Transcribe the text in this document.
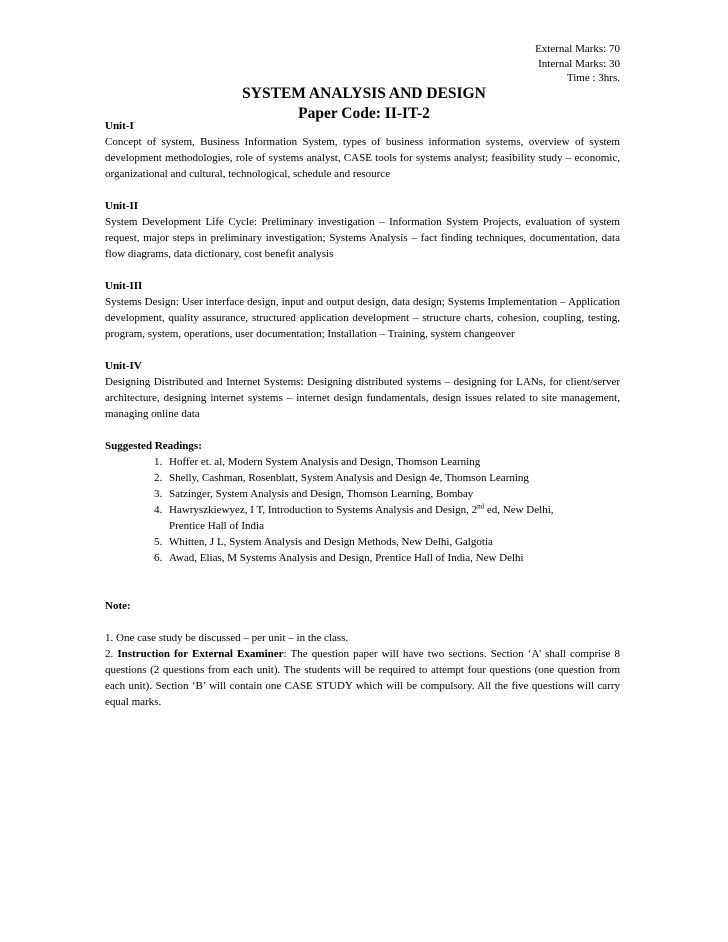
External Marks: 70
Internal Marks: 30
Time : 3hrs.
SYSTEM ANALYSIS AND DESIGN
Paper Code: II-IT-2

Unit-I

Concept of system, Business Information System, types of business information systems, overview of system development methodologies, role of systems analyst, CASE tools for systems analyst; feasibility study – economic, organizational and cultural, technological, schedule and resource

Unit-II

System Development Life Cycle: Preliminary investigation – Information System Projects, evaluation of system request, major steps in preliminary investigation; Systems Analysis – fact finding techniques, documentation, data flow diagrams, data dictionary, cost benefit analysis

Unit-III

Systems Design: User interface design, input and output design, data design; Systems Implementation – Application development, quality assurance, structured application development – structure charts, cohesion, coupling, testing, program, system, operations, user documentation; Installation – Training, system changeover

Unit-IV

Designing Distributed and Internet Systems: Designing distributed systems – designing for LANs, for client/server architecture, designing internet systems – internet design fundamentals, design issues related to site management, managing online data

Suggested Readings:

1. Hoffer et. al, Modern System Analysis and Design, Thomson Learning
2. Shelly, Cashman, Rosenblatt, System Analysis and Design 4e, Thomson Learning
3. Satzinger, System Analysis and Design, Thomson Learning, Bombay
4. Hawryszkiewyez, I T, Introduction to Systems Analysis and Design, 2nd ed, New Delhi,
Prentice Hall of India
5. Whitten, J L, System Analysis and Design Methods, New Delhi, Galgotia
6. Awad, Elias, M Systems Analysis and Design, Prentice Hall of India, New Delhi

Note:

1. One case study be discussed – per unit – in the class.

2. Instruction for External Examiner: The question paper will have two sections. Section ‘A’ shall comprise 8 questions (2 questions from each unit). The students will be required to attempt four questions (one question from each unit). Section ‘B’ will contain one CASE STUDY which will be compulsory. All the five questions will carry equal marks.
